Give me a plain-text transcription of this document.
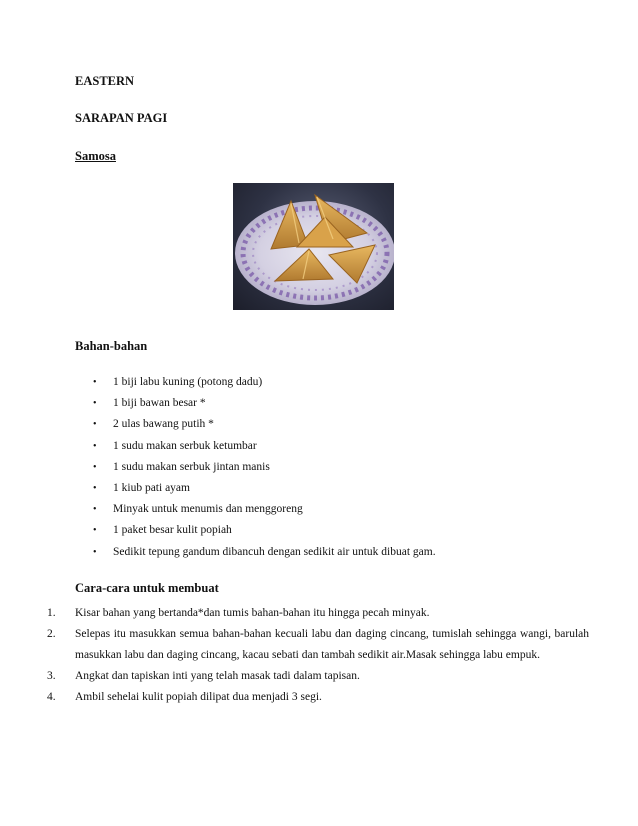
EASTERN

SARAPAN PAGI

Samosa

Bahan-bahan

• 1 biji labu kuning (potong dadu)
• 1 biji bawan besar *
• 2 ulas bawang putih *
• 1 sudu makan serbuk ketumbar
• 1 sudu makan serbuk jintan manis
• 1 kiub pati ayam
• Minyak untuk menumis dan menggoreng
• 1 paket besar kulit popiah
• Sedikit tepung gandum dibancuh dengan sedikit air untuk dibuat gam.

Cara-cara untuk membuat

1. Kisar bahan yang bertanda*dan tumis bahan-bahan itu hingga pecah minyak.
2. Selepas itu masukkan semua bahan-bahan kecuali labu dan daging cincang, tumislah sehingga wangi, barulah masukkan labu dan daging cincang, kacau sebati dan tambah sedikit air.Masak sehingga labu empuk.
3. Angkat dan tapiskan inti yang telah masak tadi dalam tapisan.
4. Ambil sehelai kulit popiah dilipat dua menjadi 3 segi.
